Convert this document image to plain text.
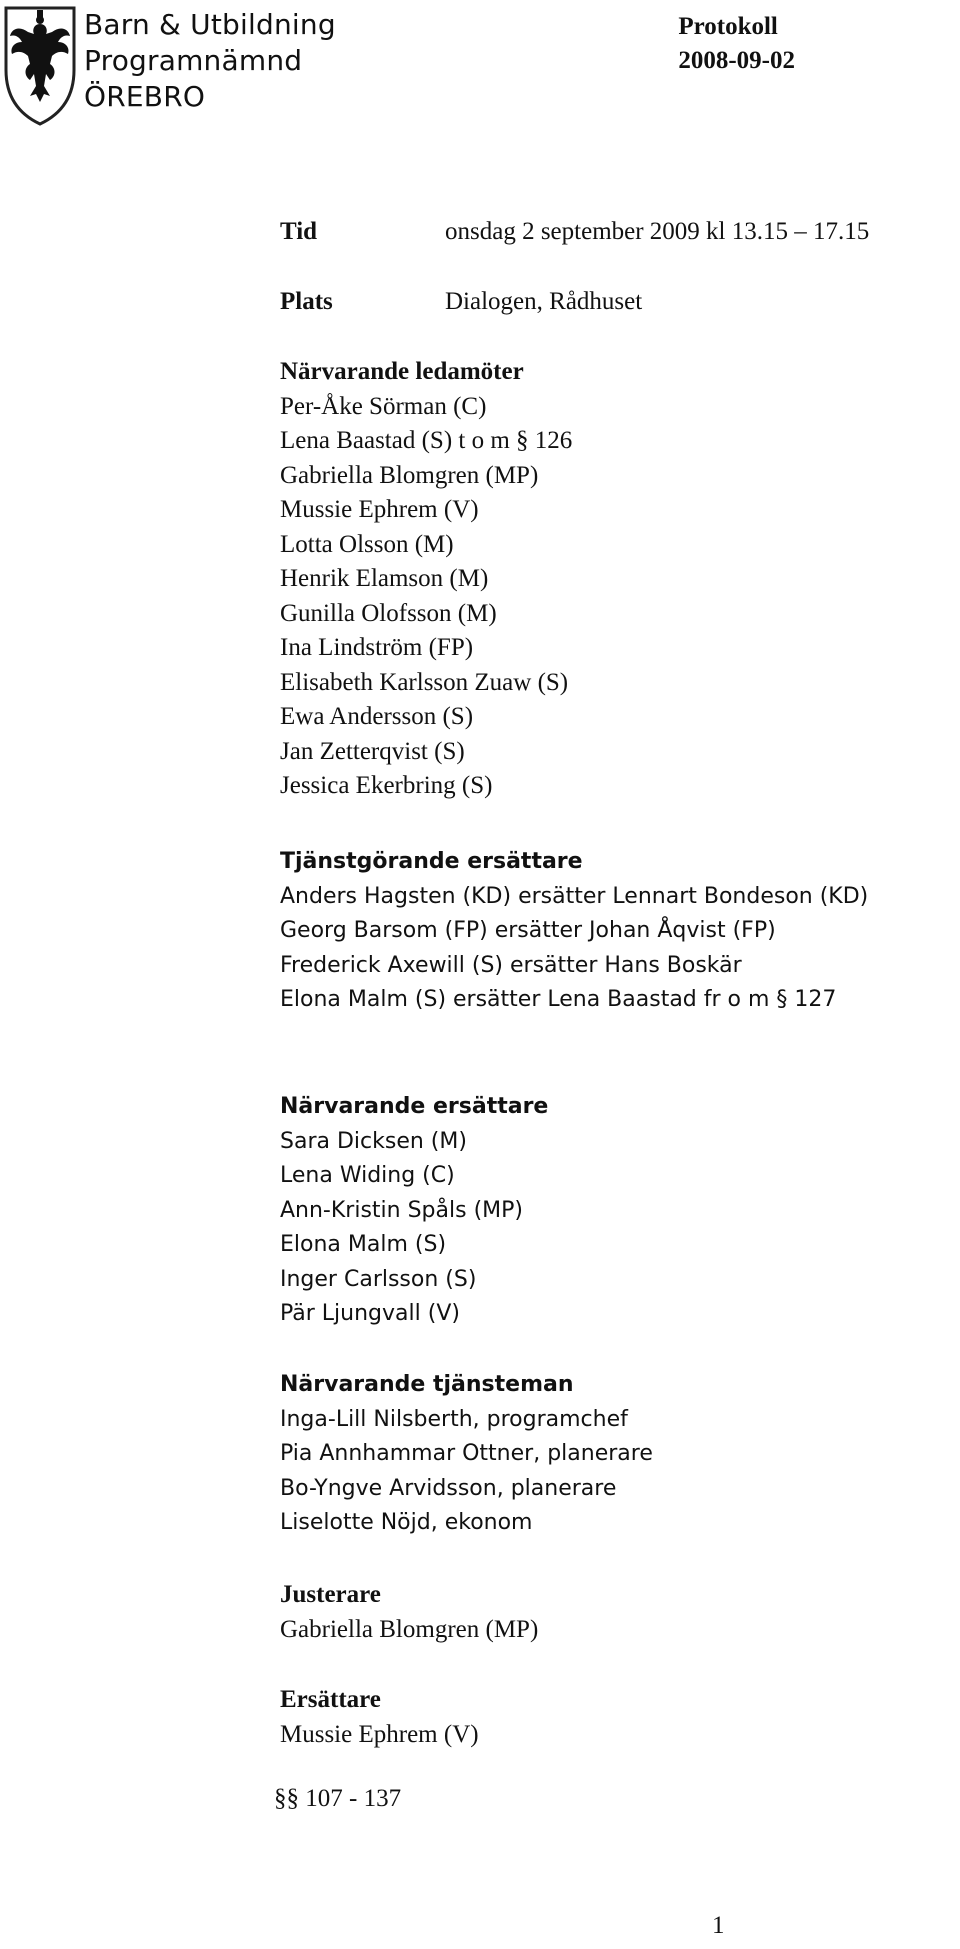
Barn & Utbildning
Programnämnd
ÖREBRO
Protokoll
2008-09-02
Tid	onsdag 2 september 2009 kl 13.15 – 17.15
Plats	Dialogen, Rådhuset
Närvarande ledamöter
Per-Åke Sörman (C)
Lena Baastad (S) t o m § 126
Gabriella Blomgren (MP)
Mussie Ephrem (V)
Lotta Olsson (M)
Henrik Elamson (M)
Gunilla Olofsson (M)
Ina Lindström (FP)
Elisabeth Karlsson Zuaw (S)
Ewa Andersson (S)
Jan Zetterqvist (S)
Jessica Ekerbring (S)
Tjänstgörande ersättare
Anders Hagsten (KD) ersätter Lennart Bondeson (KD)
Georg Barsom (FP) ersätter Johan Åqvist (FP)
Frederick Axewill (S) ersätter Hans Boskär
Elona Malm (S) ersätter Lena Baastad fr o m § 127
Närvarande ersättare
Sara Dicksen (M)
Lena Widing (C)
Ann-Kristin Spåls (MP)
Elona Malm (S)
Inger Carlsson (S)
Pär Ljungvall (V)
Närvarande tjänsteman
Inga-Lill Nilsberth, programchef
Pia Annhammar Ottner, planerare
Bo-Yngve Arvidsson, planerare
Liselotte Nöjd, ekonom
Justerare
Gabriella Blomgren (MP)
Ersättare
Mussie Ephrem (V)
§§ 107 - 137
1
